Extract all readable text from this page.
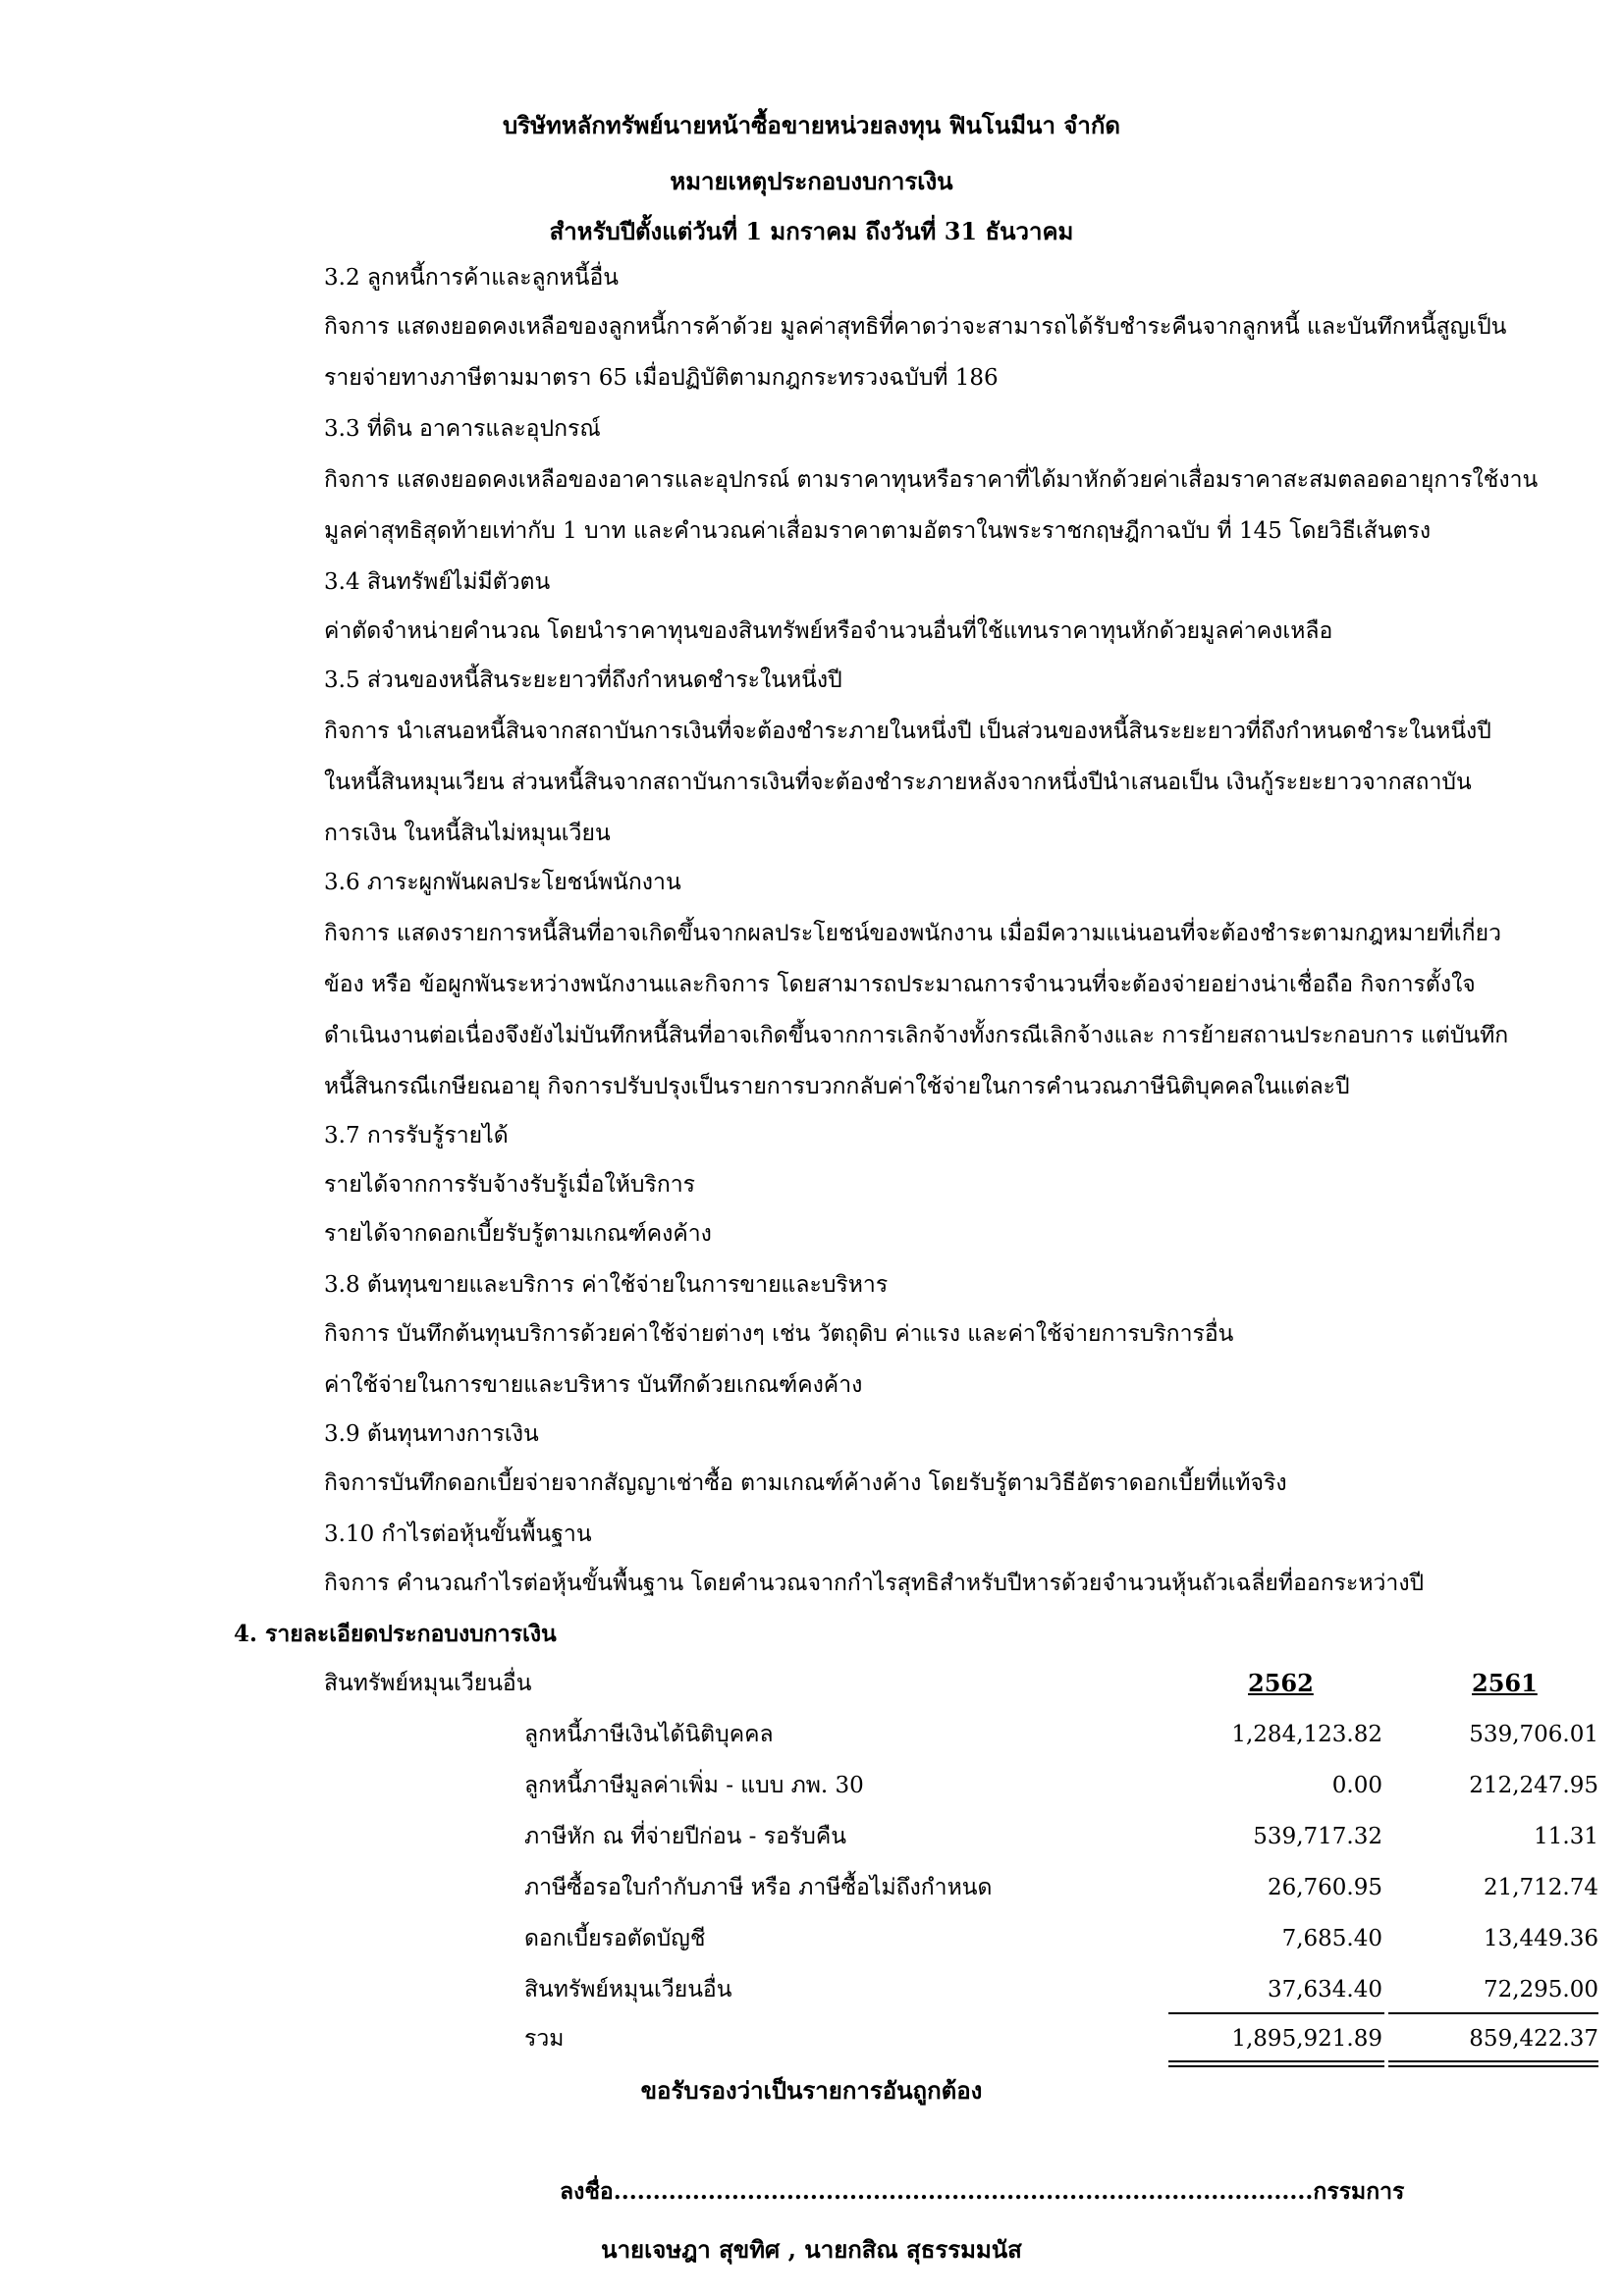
บริษัทหลักทรัพย์นายหน้าซื้อขายหน่วยลงทุน ฟินโนมีนา จำกัด
หมายเหตุประกอบงบการเงิน
สำหรับปีตั้งแต่วันที่ 1 มกราคม ถึงวันที่ 31 ธันวาคม
3.2 ลูกหนี้การค้าและลูกหนี้อื่น
กิจการ แสดงยอดคงเหลือของลูกหนี้การค้าด้วย มูลค่าสุทธิที่คาดว่าจะสามารถได้รับชำระคืนจากลูกหนี้ และบันทึกหนี้สูญเป็น
รายจ่ายทางภาษีตามมาตรา 65 เมื่อปฏิบัติตามกฎกระทรวงฉบับที่ 186
3.3 ที่ดิน อาคารและอุปกรณ์
กิจการ แสดงยอดคงเหลือของอาคารและอุปกรณ์ ตามราคาทุนหรือราคาที่ได้มาหักด้วยค่าเสื่อมราคาสะสมตลอดอายุการใช้งาน
มูลค่าสุทธิสุดท้ายเท่ากับ 1 บาท และคำนวณค่าเสื่อมราคาตามอัตราในพระราชกฤษฎีกาฉบับ ที่ 145 โดยวิธีเส้นตรง
3.4 สินทรัพย์ไม่มีตัวตน
ค่าตัดจำหน่ายคำนวณ โดยนำราคาทุนของสินทรัพย์หรือจำนวนอื่นที่ใช้แทนราคาทุนหักด้วยมูลค่าคงเหลือ
3.5 ส่วนของหนี้สินระยะยาวที่ถึงกำหนดชำระในหนึ่งปี
กิจการ นำเสนอหนี้สินจากสถาบันการเงินที่จะต้องชำระภายในหนึ่งปี เป็นส่วนของหนี้สินระยะยาวที่ถึงกำหนดชำระในหนึ่งปี
ในหนี้สินหมุนเวียน ส่วนหนี้สินจากสถาบันการเงินที่จะต้องชำระภายหลังจากหนึ่งปีนำเสนอเป็น เงินกู้ระยะยาวจากสถาบัน
การเงิน ในหนี้สินไม่หมุนเวียน
3.6 ภาระผูกพันผลประโยชน์พนักงาน
กิจการ แสดงรายการหนี้สินที่อาจเกิดขึ้นจากผลประโยชน์ของพนักงาน เมื่อมีความแน่นอนที่จะต้องชำระตามกฎหมายที่เกี่ยว
ข้อง หรือ ข้อผูกพันระหว่างพนักงานและกิจการ โดยสามารถประมาณการจำนวนที่จะต้องจ่ายอย่างน่าเชื่อถือ กิจการตั้งใจ
ดำเนินงานต่อเนื่องจึงยังไม่บันทึกหนี้สินที่อาจเกิดขึ้นจากการเลิกจ้างทั้งกรณีเลิกจ้างและ การย้ายสถานประกอบการ แต่บันทึก
หนี้สินกรณีเกษียณอายุ กิจการปรับปรุงเป็นรายการบวกกลับค่าใช้จ่ายในการคำนวณภาษีนิติบุคคลในแต่ละปี
3.7 การรับรู้รายได้
รายได้จากการรับจ้างรับรู้เมื่อให้บริการ
รายได้จากดอกเบี้ยรับรู้ตามเกณฑ์คงค้าง
3.8 ต้นทุนขายและบริการ ค่าใช้จ่ายในการขายและบริหาร
กิจการ บันทึกต้นทุนบริการด้วยค่าใช้จ่ายต่างๆ เช่น วัตถุดิบ ค่าแรง และค่าใช้จ่ายการบริการอื่น
ค่าใช้จ่ายในการขายและบริหาร บันทึกด้วยเกณฑ์คงค้าง
3.9 ต้นทุนทางการเงิน
กิจการบันทึกดอกเบี้ยจ่ายจากสัญญาเช่าซื้อ ตามเกณฑ์ค้างค้าง โดยรับรู้ตามวิธีอัตราดอกเบี้ยที่แท้จริง
3.10 กำไรต่อหุ้นขั้นพื้นฐาน
กิจการ คำนวณกำไรต่อหุ้นขั้นพื้นฐาน โดยคำนวณจากกำไรสุทธิสำหรับปีหารด้วยจำนวนหุ้นถัวเฉลี่ยที่ออกระหว่างปี
4. รายละเอียดประกอบงบการเงิน
สินทรัพย์หมุนเวียนอื่น	2562	2561
ลูกหนี้ภาษีเงินได้นิติบุคคล	1,284,123.82	539,706.01
ลูกหนี้ภาษีมูลค่าเพิ่ม - แบบ ภพ. 30	0.00	212,247.95
ภาษีหัก ณ ที่จ่ายปีก่อน - รอรับคืน	539,717.32	11.31
ภาษีซื้อรอใบกำกับภาษี หรือ ภาษีซื้อไม่ถึงกำหนด	26,760.95	21,712.74
ดอกเบี้ยรอตัดบัญชี	7,685.40	13,449.36
สินทรัพย์หมุนเวียนอื่น	37,634.40	72,295.00
รวม	1,895,921.89	859,422.37
ขอรับรองว่าเป็นรายการอันถูกต้อง
ลงชื่อ.........................................................................................กรรมการ
นายเจษฎา สุขทิศ , นายกสิณ สุธรรมมนัส
